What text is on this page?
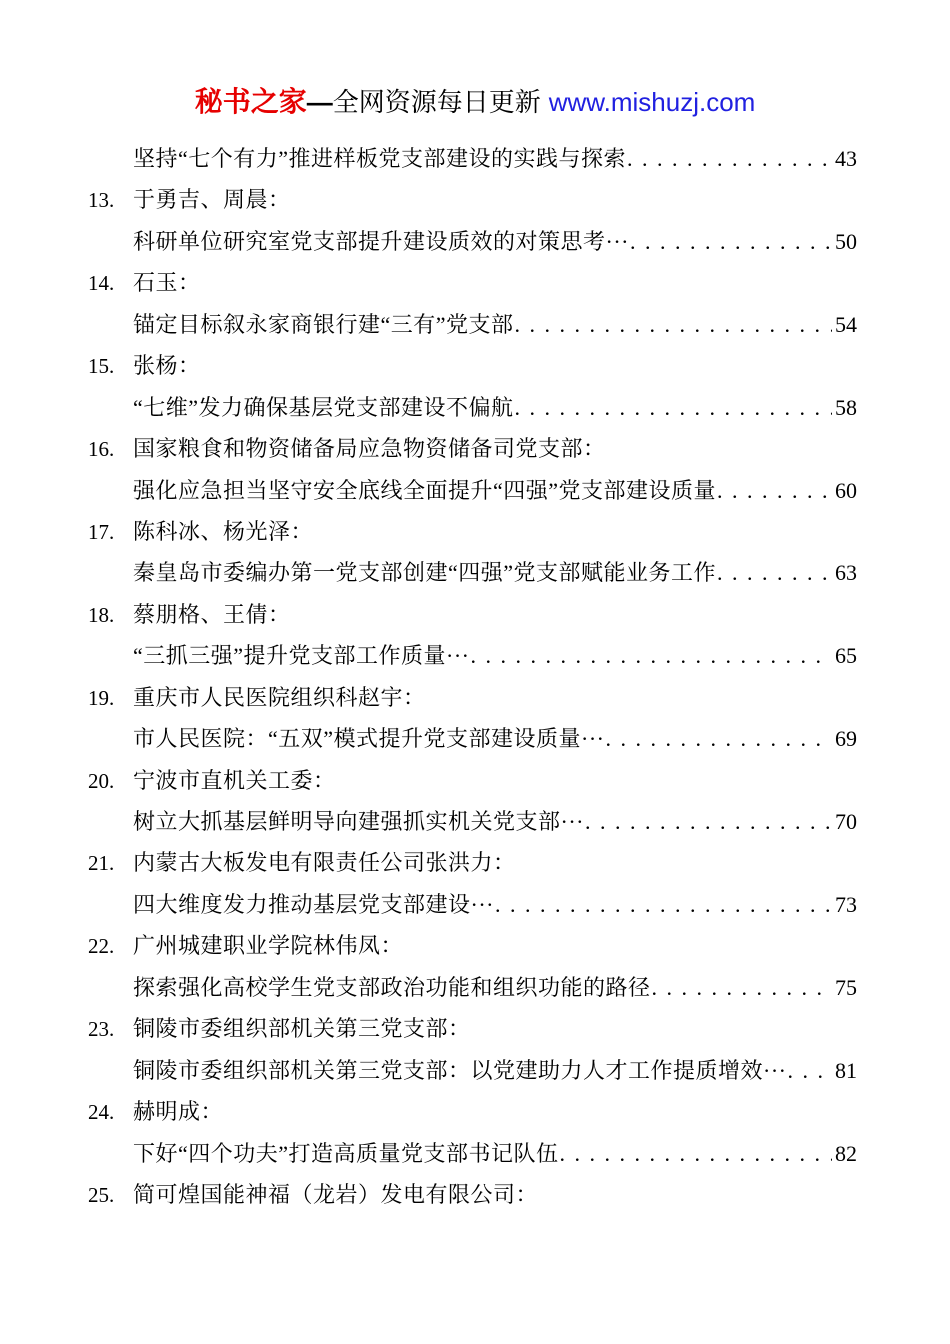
秘书之家—全网资源每日更新 www.mishuzj.com
坚持“七个有力”推进样板党支部建设的实践与探索 . . .	43
13. 于勇吉、周晨：
科研单位研究室党支部提升建设质效的对策思考··· . . .	50
14. 石玉：
锚定目标叙永家商银行建“三有”党支部 . . .	54
15. 张杨：
“七维”发力确保基层党支部建设不偏航 . . .	58
16. 国家粮食和物资储备局应急物资储备司党支部：
强化应急担当坚守安全底线全面提升“四强”党支部建设质量 . . .	60
17. 陈科冰、杨光泽：
秦皇岛市委编办第一党支部创建“四强”党支部赋能业务工作 . . .	63
18. 蔡朋格、王倩：
“三抓三强”提升党支部工作质量··· . . .	65
19. 重庆市人民医院组织科赵宇：
市人民医院：“五双”模式提升党支部建设质量··· . . .	69
20. 宁波市直机关工委：
树立大抓基层鲜明导向建强抓实机关党支部··· . . .	70
21. 内蒙古大板发电有限责任公司张洪力：
四大维度发力推动基层党支部建设··· . . .	73
22. 广州城建职业学院林伟凤：
探索强化高校学生党支部政治功能和组织功能的路径 . . .	75
23. 铜陵市委组织部机关第三党支部：
铜陵市委组织部机关第三党支部：以党建助力人才工作提质增效··· . . . 81
24. 赫明成：
下好“四个功夫”打造高质量党支部书记队伍 . . .	82
25. 简可煌国能神福（龙岩）发电有限公司：
